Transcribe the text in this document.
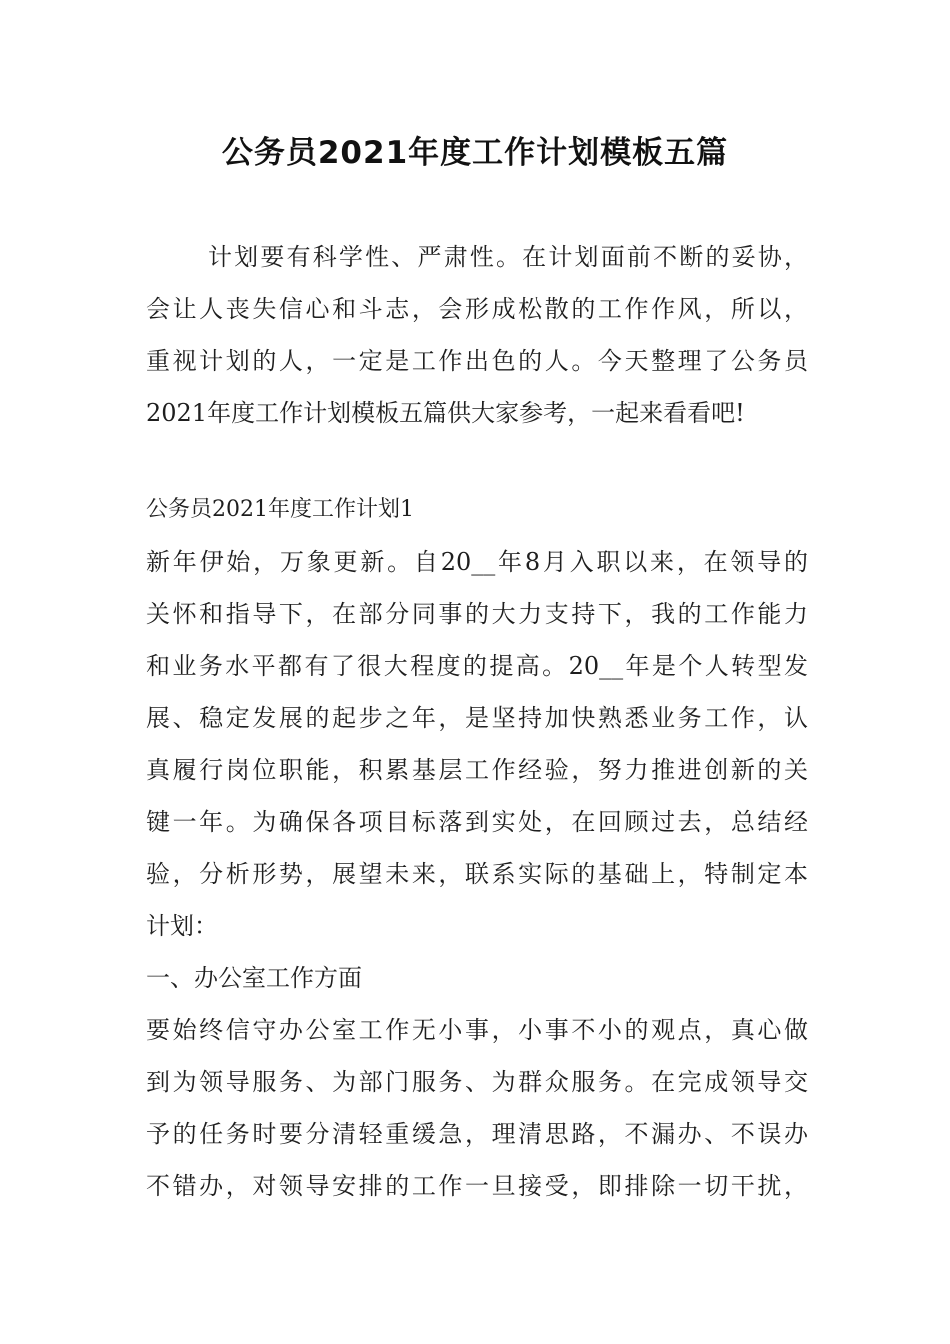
公务员2021年度工作计划模板五篇
计划要有科学性、严肃性。在计划面前不断的妥协，
会让人丧失信心和斗志，会形成松散的工作作风，所以，
重视计划的人，一定是工作出色的人。今天整理了公务员
2021年度工作计划模板五篇供大家参考，一起来看看吧!
公务员2021年度工作计划1
新年伊始，万象更新。自20__年8月入职以来，在领导的
关怀和指导下，在部分同事的大力支持下，我的工作能力
和业务水平都有了很大程度的提高。20__年是个人转型发
展、稳定发展的起步之年，是坚持加快熟悉业务工作，认
真履行岗位职能，积累基层工作经验，努力推进创新的关
键一年。为确保各项目标落到实处，在回顾过去，总结经
验，分析形势，展望未来，联系实际的基础上，特制定本
计划：
一、办公室工作方面
要始终信守办公室工作无小事，小事不小的观点，真心做
到为领导服务、为部门服务、为群众服务。在完成领导交
予的任务时要分清轻重缓急，理清思路，不漏办、不误办
不错办，对领导安排的工作一旦接受，即排除一切干扰，
